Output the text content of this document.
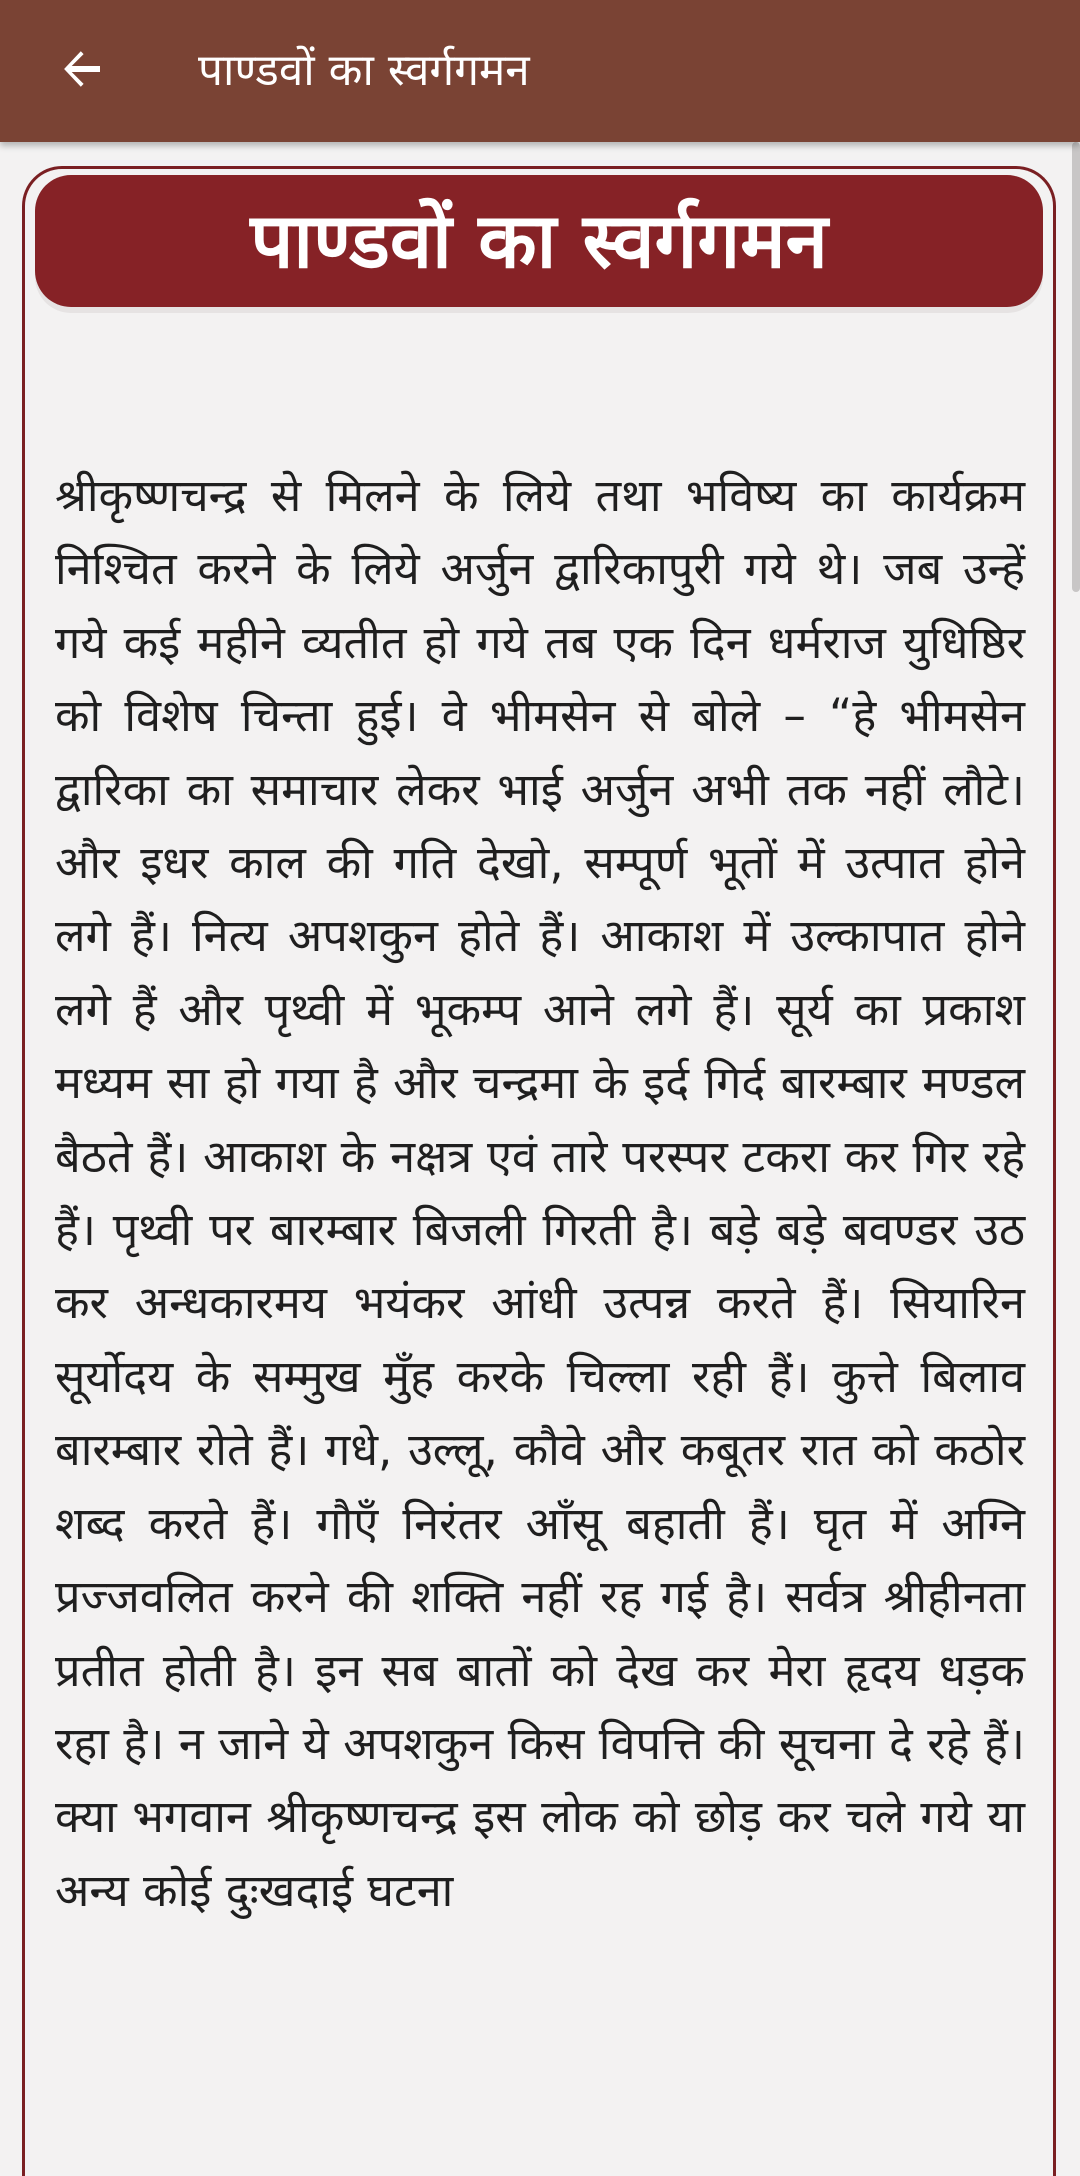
पाण्डवों का स्वर्गगमन
पाण्डवों का स्वर्गगमन

श्रीकृष्णचन्द्र से मिलने के लिये तथा भविष्य का कार्यक्रम निश्चित करने के लिये अर्जुन द्वारिकापुरी गये थे। जब उन्हें गये कई महीने व्यतीत हो गये तब एक दिन धर्मराज युधिष्ठिर को विशेष चिन्ता हुई। वे भीमसेन से बोले – “हे भीमसेन द्वारिका का समाचार लेकर भाई अर्जुन अभी तक नहीं लौटे। और इधर काल की गति देखो, सम्पूर्ण भूतों में उत्पात होने लगे हैं। नित्य अपशकुन होते हैं। आकाश में उल्कापात होने लगे हैं और पृथ्वी में भूकम्प आने लगे हैं। सूर्य का प्रकाश मध्यम सा हो गया है और चन्द्रमा के इर्द गिर्द बारम्बार मण्डल बैठते हैं। आकाश के नक्षत्र एवं तारे परस्पर टकरा कर गिर रहे हैं। पृथ्वी पर बारम्बार बिजली गिरती है। बड़े बड़े बवण्डर उठ कर अन्धकारमय भयंकर आंधी उत्पन्न करते हैं। सियारिन सूर्योदय के सम्मुख मुँह करके चिल्ला रही हैं। कुत्ते बिलाव बारम्बार रोते हैं। गधे, उल्लू, कौवे और कबूतर रात को कठोर शब्द करते हैं। गौएँ निरंतर आँसू बहाती हैं। घृत में अग्नि प्रज्जवलित करने की शक्ति नहीं रह गई है। सर्वत्र श्रीहीनता प्रतीत होती है। इन सब बातों को देख कर मेरा हृदय धड़क रहा है। न जाने ये अपशकुन किस विपत्ति की सूचना दे रहे हैं। क्या भगवान श्रीकृष्णचन्द्र इस लोक को छोड़ कर चले गये या अन्य कोई दुःखदाई घटना
